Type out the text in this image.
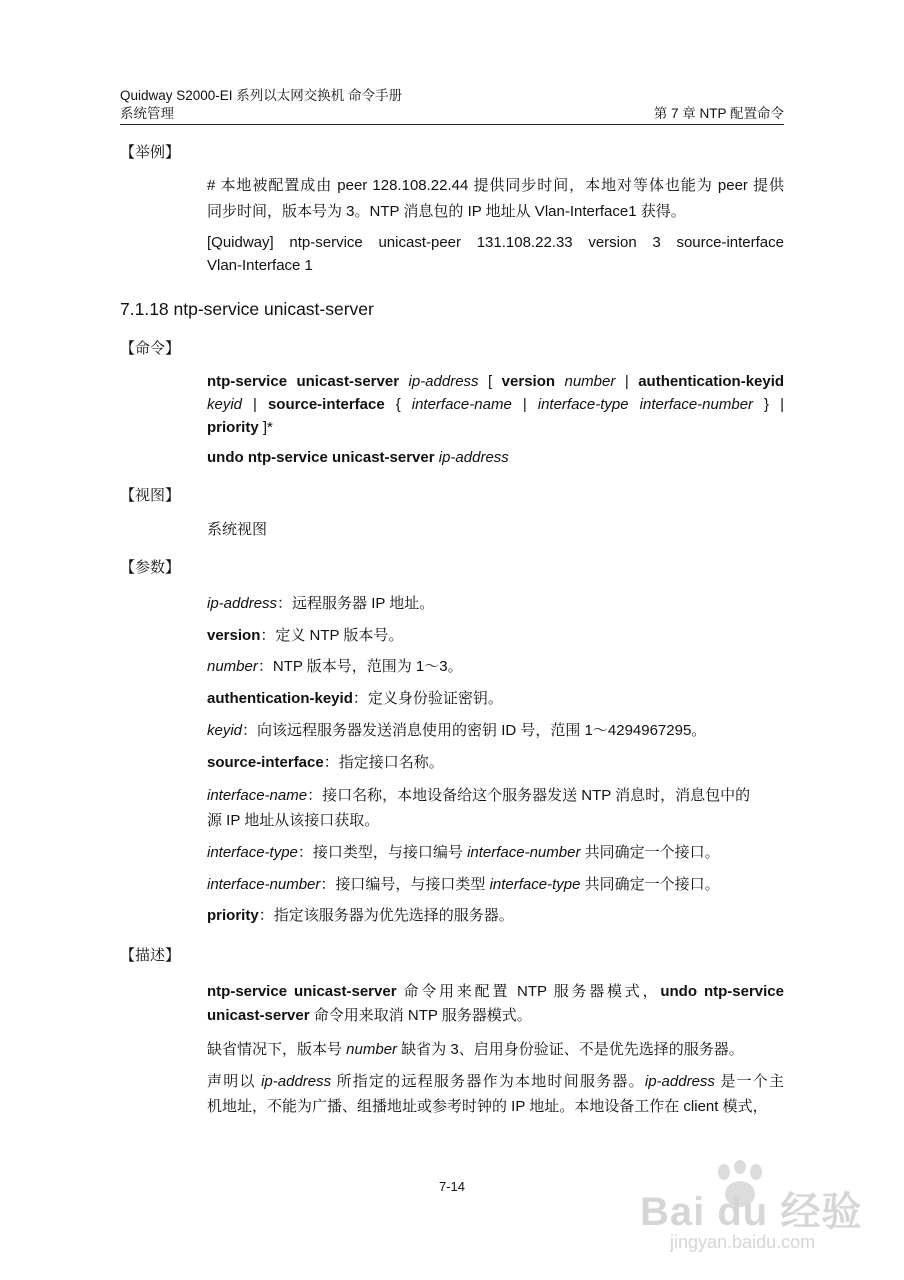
Quidway S2000-EI 系列以太网交换机 命令手册
系统管理	第 7 章 NTP 配置命令
【举例】
# 本地被配置成由 peer 128.108.22.44 提供同步时间，本地对等体也能为 peer 提供
同步时间，版本号为 3。NTP 消息包的 IP 地址从 Vlan-Interface1 获得。
[Quidway] ntp-service unicast-peer 131.108.22.33 version 3 source-interface
Vlan-Interface 1
7.1.18 ntp-service unicast-server
【命令】
ntp-service unicast-server ip-address [ version number | authentication-keyid
keyid | source-interface { interface-name | interface-type interface-number } |
priority ]*
undo ntp-service unicast-server ip-address
【视图】
系统视图
【参数】
ip-address：远程服务器 IP 地址。
version：定义 NTP 版本号。
number：NTP 版本号，范围为 1～3。
authentication-keyid：定义身份验证密钥。
keyid：向该远程服务器发送消息使用的密钥 ID 号，范围 1～4294967295。
source-interface：指定接口名称。
interface-name：接口名称，本地设备给这个服务器发送 NTP 消息时，消息包中的
源 IP 地址从该接口获取。
interface-type：接口类型，与接口编号 interface-number 共同确定一个接口。
interface-number：接口编号，与接口类型 interface-type 共同确定一个接口。
priority：指定该服务器为优先选择的服务器。
【描述】
ntp-service unicast-server 命令用来配置 NTP 服务器模式，undo ntp-service
unicast-server 命令用来取消 NTP 服务器模式。
缺省情况下，版本号 number 缺省为 3、启用身份验证、不是优先选择的服务器。
声明以 ip-address 所指定的远程服务器作为本地时间服务器。ip-address 是一个主
机地址，不能为广播、组播地址或参考时钟的 IP 地址。本地设备工作在 client 模式，
7-14
Bai du 经验
jingyan.baidu.com
